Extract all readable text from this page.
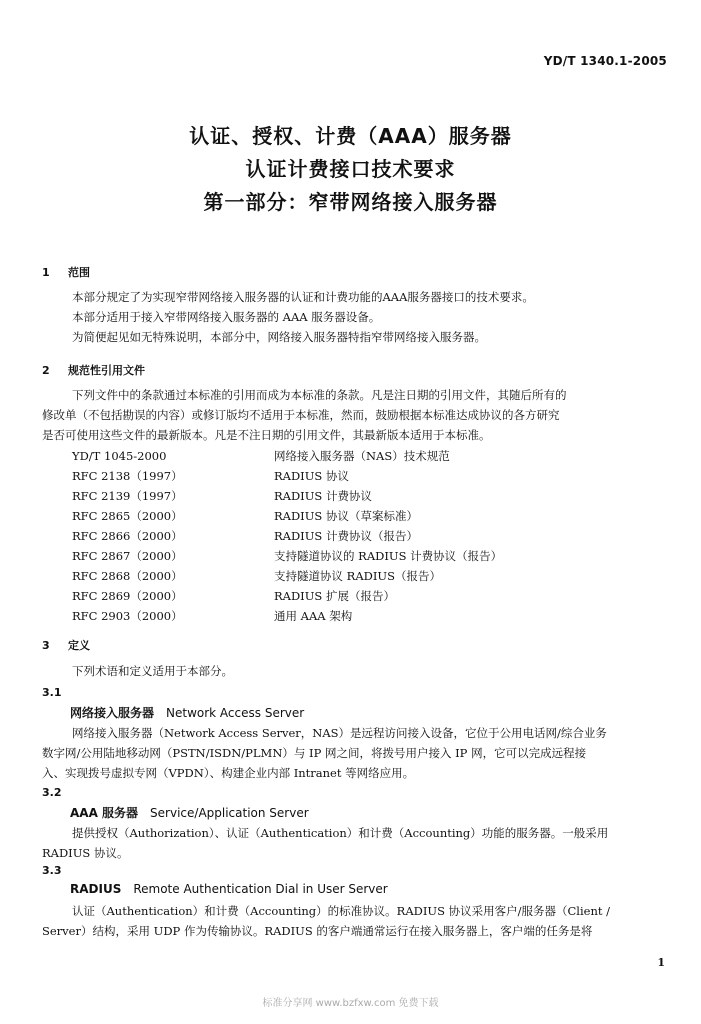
YD/T 1340.1-2005
认证、授权、计费（AAA）服务器
认证计费接口技术要求
第一部分：窄带网络接入服务器
1 范围
本部分规定了为实现窄带网络接入服务器的认证和计费功能的AAA服务器接口的技术要求。
本部分适用于接入窄带网络接入服务器的 AAA 服务器设备。
为简便起见如无特殊说明，本部分中，网络接入服务器特指窄带网络接入服务器。
2 规范性引用文件
下列文件中的条款通过本标准的引用而成为本标准的条款。凡是注日期的引用文件，其随后所有的
修改单（不包括勘误的内容）或修订版均不适用于本标准，然而，鼓励根据本标准达成协议的各方研究
是否可使用这些文件的最新版本。凡是不注日期的引用文件，其最新版本适用于本标准。
YD/T 1045-2000	网络接入服务器（NAS）技术规范
RFC 2138（1997）	RADIUS 协议
RFC 2139（1997）	RADIUS 计费协议
RFC 2865（2000）	RADIUS 协议（草案标准）
RFC 2866（2000）	RADIUS 计费协议（报告）
RFC 2867（2000）	支持隧道协议的 RADIUS 计费协议（报告）
RFC 2868（2000）	支持隧道协议 RADIUS（报告）
RFC 2869（2000）	RADIUS 扩展（报告）
RFC 2903（2000）	通用 AAA 架构
3 定义
下列术语和定义适用于本部分。
3.1
网络接入服务器 Network Access Server
网络接入服务器（Network Access Server，NAS）是远程访问接入设备，它位于公用电话网/综合业务
数字网/公用陆地移动网（PSTN/ISDN/PLMN）与 IP 网之间，将拨号用户接入 IP 网，它可以完成远程接
入、实现拨号虚拟专网（VPDN）、构建企业内部 Intranet 等网络应用。
3.2
AAA 服务器 Service/Application Server
提供授权（Authorization）、认证（Authentication）和计费（Accounting）功能的服务器。一般采用
RADIUS 协议。
3.3
RADIUS Remote Authentication Dial in User Server
认证（Authentication）和计费（Accounting）的标准协议。RADIUS 协议采用客户/服务器（Client /
Server）结构，采用 UDP 作为传输协议。RADIUS 的客户端通常运行在接入服务器上，客户端的任务是将
1
标准分享网 www.bzfxw.com 免费下载
